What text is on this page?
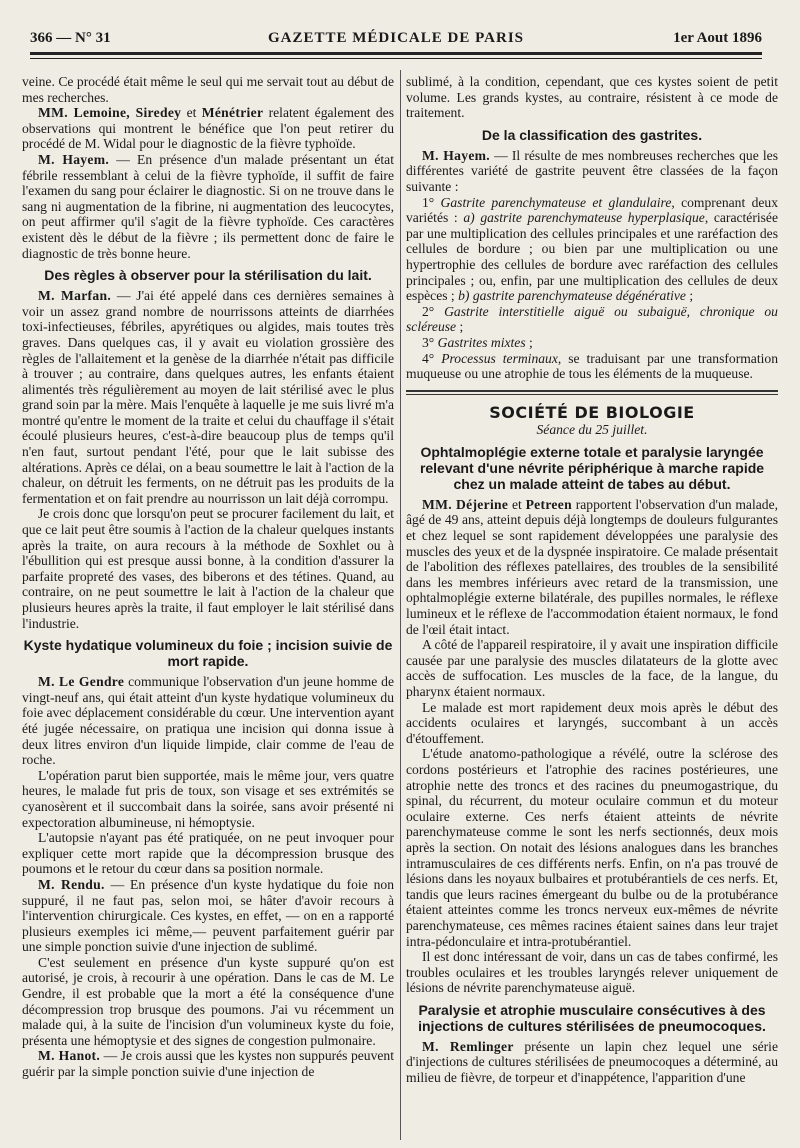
366 — N° 31	GAZETTE MÉDICALE DE PARIS	1er Aout 1896

veine. Ce procédé était même le seul qui me servait tout au début de mes recherches.

MM. Lemoine, Siredey et Ménétrier relatent également des observations qui montrent le bénéfice que l'on peut retirer du procédé de M. Widal pour le diagnostic de la fièvre typhoïde.

M. Hayem. — En présence d'un malade présentant un état fébrile ressemblant à celui de la fièvre typhoïde, il suffit de faire l'examen du sang pour éclairer le diagnostic. Si on ne trouve dans le sang ni augmentation de la fibrine, ni augmentation des leucocytes, on peut affirmer qu'il s'agit de la fièvre typhoïde. Ces caractères existent dès le début de la fièvre ; ils permettent donc de faire le diagnostic de très bonne heure.

Des règles à observer pour la stérilisation du lait.

M. Marfan. — J'ai été appelé dans ces dernières semaines à voir un assez grand nombre de nourrissons atteints de diarrhées toxi-infectieuses, fébriles, apyrétiques ou algides, mais toutes très graves. Dans quelques cas, il y avait eu violation grossière des règles de l'allaitement et la genèse de la diarrhée n'était pas difficile à trouver ; au contraire, dans quelques autres, les enfants étaient alimentés très régulièrement au moyen de lait stérilisé avec le plus grand soin par la mère. Mais l'enquête à laquelle je me suis livré m'a montré qu'entre le moment de la traite et celui du chauffage il s'était écoulé plusieurs heures, c'est-à-dire beaucoup plus de temps qu'il n'en faut, surtout pendant l'été, pour que le lait subisse des altérations. Après ce délai, on a beau soumettre le lait à l'action de la chaleur, on détruit les ferments, on ne détruit pas les produits de la fermentation et on fait prendre au nourrisson un lait déjà corrompu.

Je crois donc que lorsqu'on peut se procurer facilement du lait, et que ce lait peut être soumis à l'action de la chaleur quelques instants après la traite, on aura recours à la méthode de Soxhlet ou à l'ébullition qui est presque aussi bonne, à la condition d'assurer la parfaite propreté des vases, des biberons et des tétines. Quand, au contraire, on ne peut soumettre le lait à l'action de la chaleur que plusieurs heures après la traite, il faut employer le lait stérilisé dans l'industrie.

Kyste hydatique volumineux du foie ; incision suivie de mort rapide.

M. Le Gendre communique l'observation d'un jeune homme de vingt-neuf ans, qui était atteint d'un kyste hydatique volumineux du foie avec déplacement considérable du cœur. Une intervention ayant été jugée nécessaire, on pratiqua une incision qui donna issue à deux litres environ d'un liquide limpide, clair comme de l'eau de roche.

L'opération parut bien supportée, mais le même jour, vers quatre heures, le malade fut pris de toux, son visage et ses extrémités se cyanosèrent et il succombait dans la soirée, sans avoir présenté ni expectoration albumineuse, ni hémoptysie.

L'autopsie n'ayant pas été pratiquée, on ne peut invoquer pour expliquer cette mort rapide que la décompression brusque des poumons et le retour du cœur dans sa position normale.

M. Rendu. — En présence d'un kyste hydatique du foie non suppuré, il ne faut pas, selon moi, se hâter d'avoir recours à l'intervention chirurgicale. Ces kystes, en effet, — on en a rapporté plusieurs exemples ici même,— peuvent parfaitement guérir par une simple ponction suivie d'une injection de sublimé.

C'est seulement en présence d'un kyste suppuré qu'on est autorisé, je crois, à recourir à une opération. Dans le cas de M. Le Gendre, il est probable que la mort a été la conséquence d'une décompression trop brusque des poumons. J'ai vu récemment un malade qui, à la suite de l'incision d'un volumineux kyste du foie, présenta une hémoptysie et des signes de congestion pulmonaire.

M. Hanot. — Je crois aussi que les kystes non suppurés peuvent guérir par la simple ponction suivie d'une injection de

sublimé, à la condition, cependant, que ces kystes soient de petit volume. Les grands kystes, au contraire, résistent à ce mode de traitement.

De la classification des gastrites.

M. Hayem. — Il résulte de mes nombreuses recherches que les différentes variété de gastrite peuvent être classées de la façon suivante :

1° Gastrite parenchymateuse et glandulaire, comprenant deux variétés : a) gastrite parenchymateuse hyperplasique, caractérisée par une multiplication des cellules principales et une raréfaction des cellules de bordure ; ou bien par une multiplication ou une hypertrophie des cellules de bordure avec raréfaction des cellules principales ; ou, enfin, par une multiplication des cellules de deux espèces ; b) gastrite parenchymateuse dégénérative ;

2° Gastrite interstitielle aiguë ou subaiguë, chronique ou scléreuse ;

3° Gastrites mixtes ;

4° Processus terminaux, se traduisant par une transformation muqueuse ou une atrophie de tous les éléments de la muqueuse.

SOCIÉTÉ DE BIOLOGIE
Séance du 25 juillet.
Ophtalmoplégie externe totale et paralysie laryngée relevant d'une névrite périphérique à marche rapide chez un malade atteint de tabes au début.

MM. Déjerine et Petreen rapportent l'observation d'un malade, âgé de 49 ans, atteint depuis déjà longtemps de douleurs fulgurantes et chez lequel se sont rapidement développées une paralysie des muscles des yeux et de la dyspnée inspiratoire. Ce malade présentait de l'abolition des réflexes patellaires, des troubles de la sensibilité dans les membres inférieurs avec retard de la transmission, une ophtalmoplégie externe bilatérale, des pupilles normales, le réflexe lumineux et le réflexe de l'accommodation étaient normaux, le fond de l'œil était intact.

A côté de l'appareil respiratoire, il y avait une inspiration difficile causée par une paralysie des muscles dilatateurs de la glotte avec accès de suffocation. Les muscles de la face, de la langue, du pharynx étaient normaux.

Le malade est mort rapidement deux mois après le début des accidents oculaires et laryngés, succombant à un accès d'étouffement.

L'étude anatomo-pathologique a révélé, outre la sclérose des cordons postérieurs et l'atrophie des racines postérieures, une atrophie nette des troncs et des racines du pneumogastrique, du spinal, du récurrent, du moteur oculaire commun et du moteur oculaire externe. Ces nerfs étaient atteints de névrite parenchymateuse comme le sont les nerfs sectionnés, deux mois après la section. On notait des lésions analogues dans les branches intramusculaires de ces différents nerfs. Enfin, on n'a pas trouvé de lésions dans les noyaux bulbaires et protubérantiels de ces nerfs. Et, tandis que leurs racines émergeant du bulbe ou de la protubérance étaient atteintes comme les troncs nerveux eux-mêmes de névrite parenchymateuse, ces mêmes racines étaient saines dans leur trajet intra-pédonculaire et intra-protubérantiel.

Il est donc intéressant de voir, dans un cas de tabes confirmé, les troubles oculaires et les troubles laryngés relever uniquement de lésions de névrite parenchymateuse aiguë.

Paralysie et atrophie musculaire consécutives à des injections de cultures stérilisées de pneumocoques.

M. Remlinger présente un lapin chez lequel une série d'injections de cultures stérilisées de pneumocoques a déterminé, au milieu de fièvre, de torpeur et d'inappétence, l'apparition d'une
